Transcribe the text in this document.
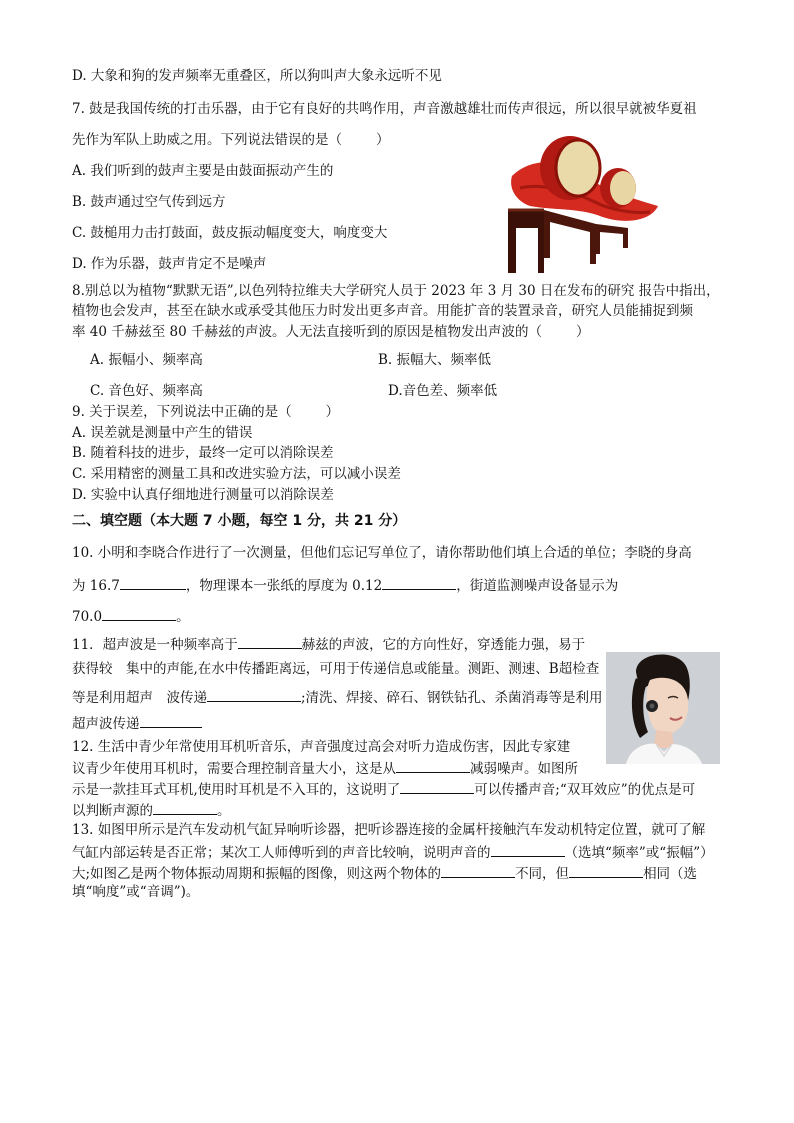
D. 大象和狗的发声频率无重叠区，所以狗叫声大象永远听不见
7. 鼓是我国传统的打击乐器，由于它有良好的共鸣作用，声音激越雄壮而传声很远，所以很早就被华夏祖
先作为军队上助威之用。下列说法错误的是（	）
A. 我们听到的鼓声主要是由鼓面振动产生的
B. 鼓声通过空气传到远方
C. 鼓槌用力击打鼓面，鼓皮振动幅度变大，响度变大
D. 作为乐器，鼓声肯定不是噪声
8.别总以为植物“默默无语”,以色列特拉维夫大学研究人员于 2023 年 3 月 30 日在发布的研究 报告中指出，
植物也会发声，甚至在缺水或承受其他压力时发出更多声音。用能扩音的装置录音，研究人员能捕捉到频
率 40 千赫兹至 80 千赫兹的声波。人无法直接听到的原因是植物发出声波的（	）
A. 振幅小、频率高	B. 振幅大、频率低
C. 音色好、频率高	D.音色差、频率低
9. 关于误差，下列说法中正确的是（	）
A. 误差就是测量中产生的错误
B. 随着科技的进步，最终一定可以消除误差
C. 采用精密的测量工具和改进实验方法，可以减小误差
D. 实验中认真仔细地进行测量可以消除误差
二、填空题（本大题 7 小题，每空 1 分，共 21 分）
10. 小明和李晓合作进行了一次测量，但他们忘记写单位了，请你帮助他们填上合适的单位；李晓的身高
为 16.7	，物理课本一张纸的厚度为 0.12	，街道监测噪声设备显示为
70.0	。
11．超声波是一种频率高于	赫兹的声波，它的方向性好，穿透能力强，易于
获得较　集中的声能,在水中传播距离远，可用于传递信息或能量。测距、测速、B超检查
等是利用超声　波传递	;清洗、焊接、碎石、钢铁钻孔、杀菌消毒等是利用
超声波传递
12. 生活中青少年常使用耳机听音乐，声音强度过高会对听力造成伤害，因此专家建
议青少年使用耳机时，需要合理控制音量大小，这是从	减弱噪声。如图所
示是一款挂耳式耳机,使用时耳机是不入耳的，这说明了	可以传播声音;“双耳效应”的优点是可
以判断声源的	。
13. 如图甲所示是汽车发动机气缸异响听诊器，把听诊器连接的金属杆接触汽车发动机特定位置，就可了解
气缸内部运转是否正常；某次工人师傅听到的声音比较响，说明声音的	（选填“频率”或“振幅”）
大;如图乙是两个物体振动周期和振幅的图像，则这两个物体的	不同，但	相同（选
填“响度”或“音调”)。
